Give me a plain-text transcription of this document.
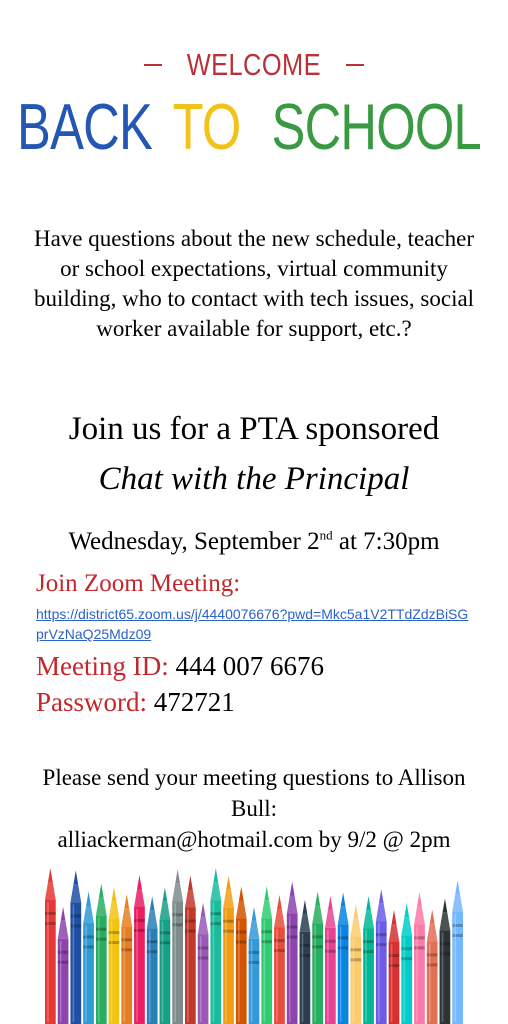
WELCOME
BACK TO SCHOOL
Have questions about the new schedule, teacher or school expectations, virtual community building, who to contact with tech issues, social worker available for support, etc.?
Join us for a PTA sponsored
Chat with the Principal
Wednesday, September 2nd at 7:30pm
Join Zoom Meeting:
https://district65.zoom.us/j/4440076676?pwd=Mkc5a1V2TTdZdzBiSGprVzNaQ25Mdz09
Meeting ID: 444 007 6676
Password: 472721
Please send your meeting questions to Allison Bull:
alliackerman@hotmail.com by 9/2 @ 2pm
